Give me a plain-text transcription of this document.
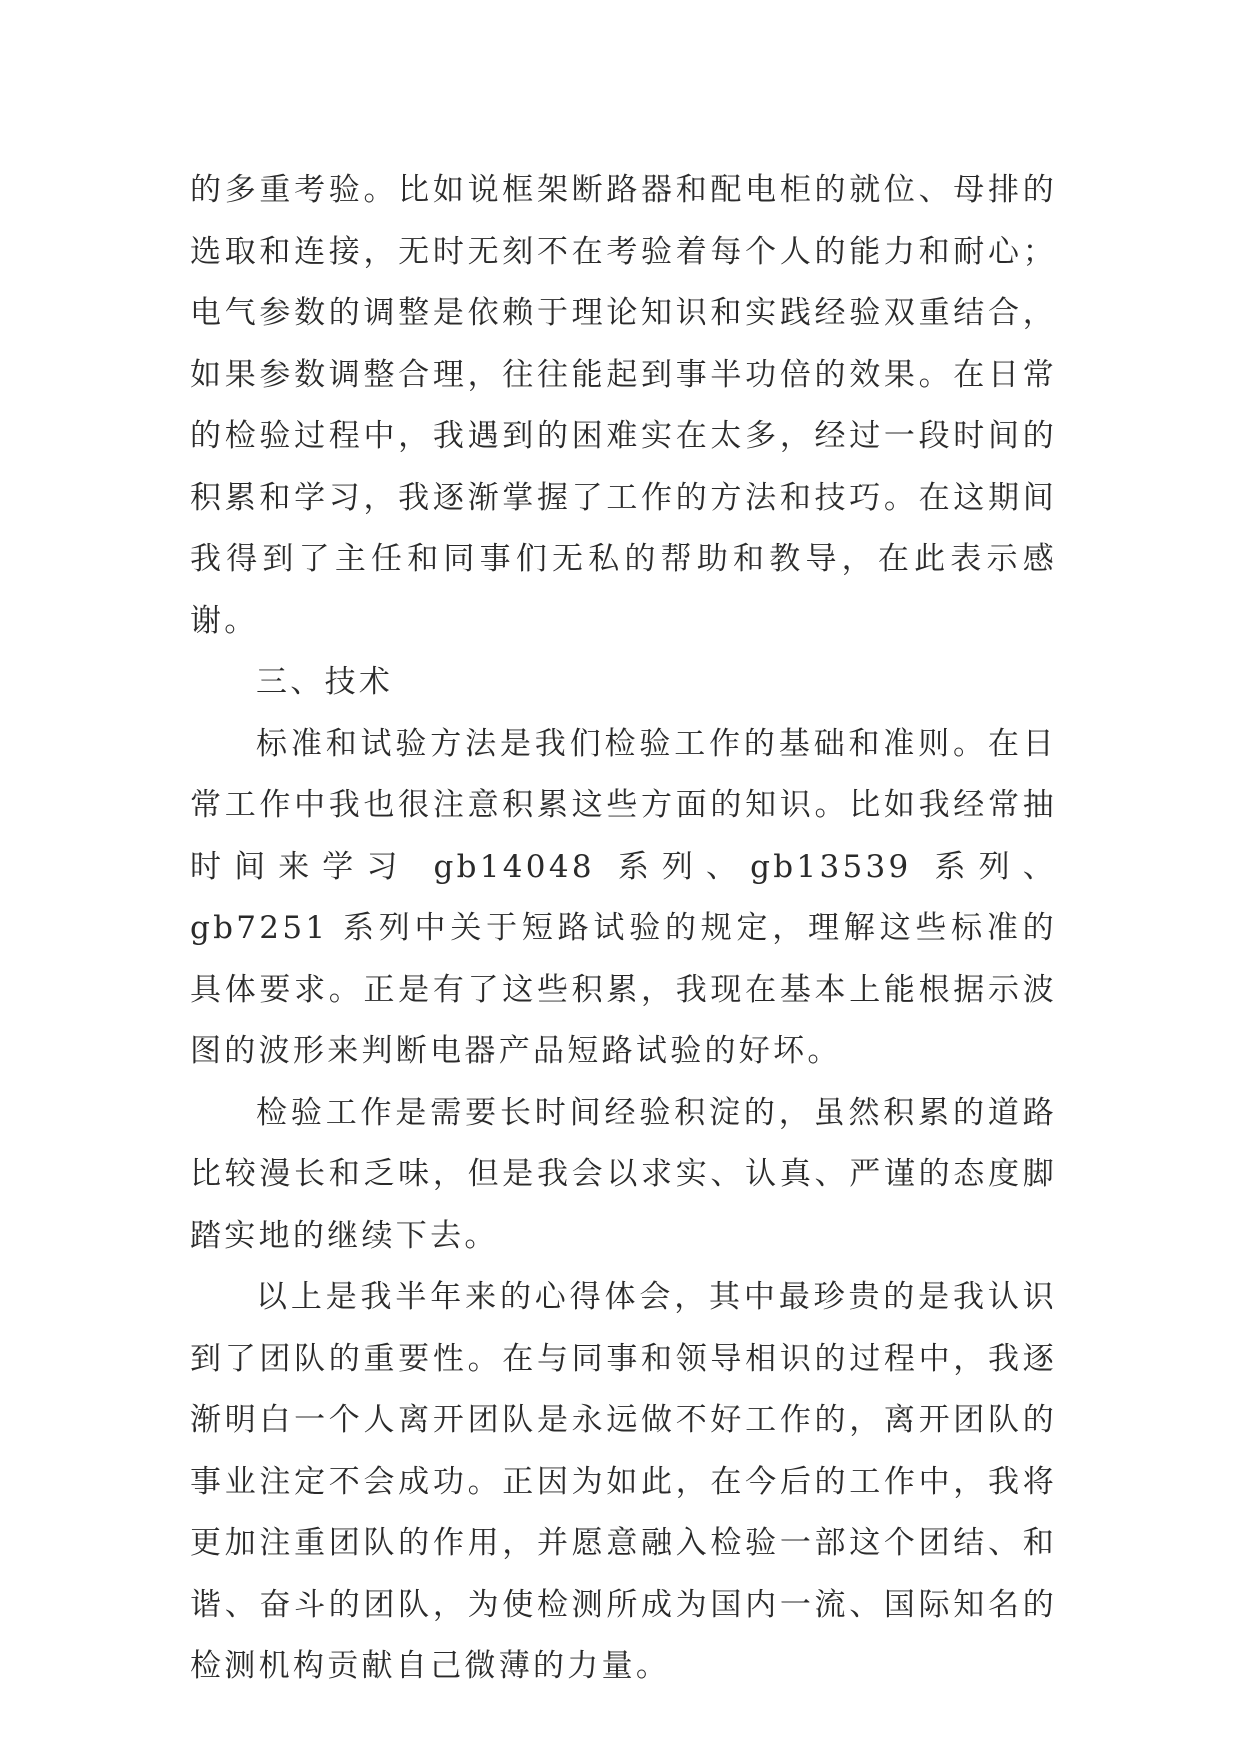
的多重考验。比如说框架断路器和配电柜的就位、母排的选取和连接，无时无刻不在考验着每个人的能力和耐心；电气参数的调整是依赖于理论知识和实践经验双重结合，如果参数调整合理，往往能起到事半功倍的效果。在日常的检验过程中，我遇到的困难实在太多，经过一段时间的积累和学习，我逐渐掌握了工作的方法和技巧。在这期间我得到了主任和同事们无私的帮助和教导，在此表示感谢。

三、技术

标准和试验方法是我们检验工作的基础和准则。在日常工作中我也很注意积累这些方面的知识。比如我经常抽时间来学习 gb14048 系列、gb13539 系列、gb7251 系列中关于短路试验的规定，理解这些标准的具体要求。正是有了这些积累，我现在基本上能根据示波图的波形来判断电器产品短路试验的好坏。

检验工作是需要长时间经验积淀的，虽然积累的道路比较漫长和乏味，但是我会以求实、认真、严谨的态度脚踏实地的继续下去。

以上是我半年来的心得体会，其中最珍贵的是我认识到了团队的重要性。在与同事和领导相识的过程中，我逐渐明白一个人离开团队是永远做不好工作的，离开团队的事业注定不会成功。正因为如此，在今后的工作中，我将更加注重团队的作用，并愿意融入检验一部这个团结、和谐、奋斗的团队，为使检测所成为国内一流、国际知名的检测机构贡献自己微薄的力量。
